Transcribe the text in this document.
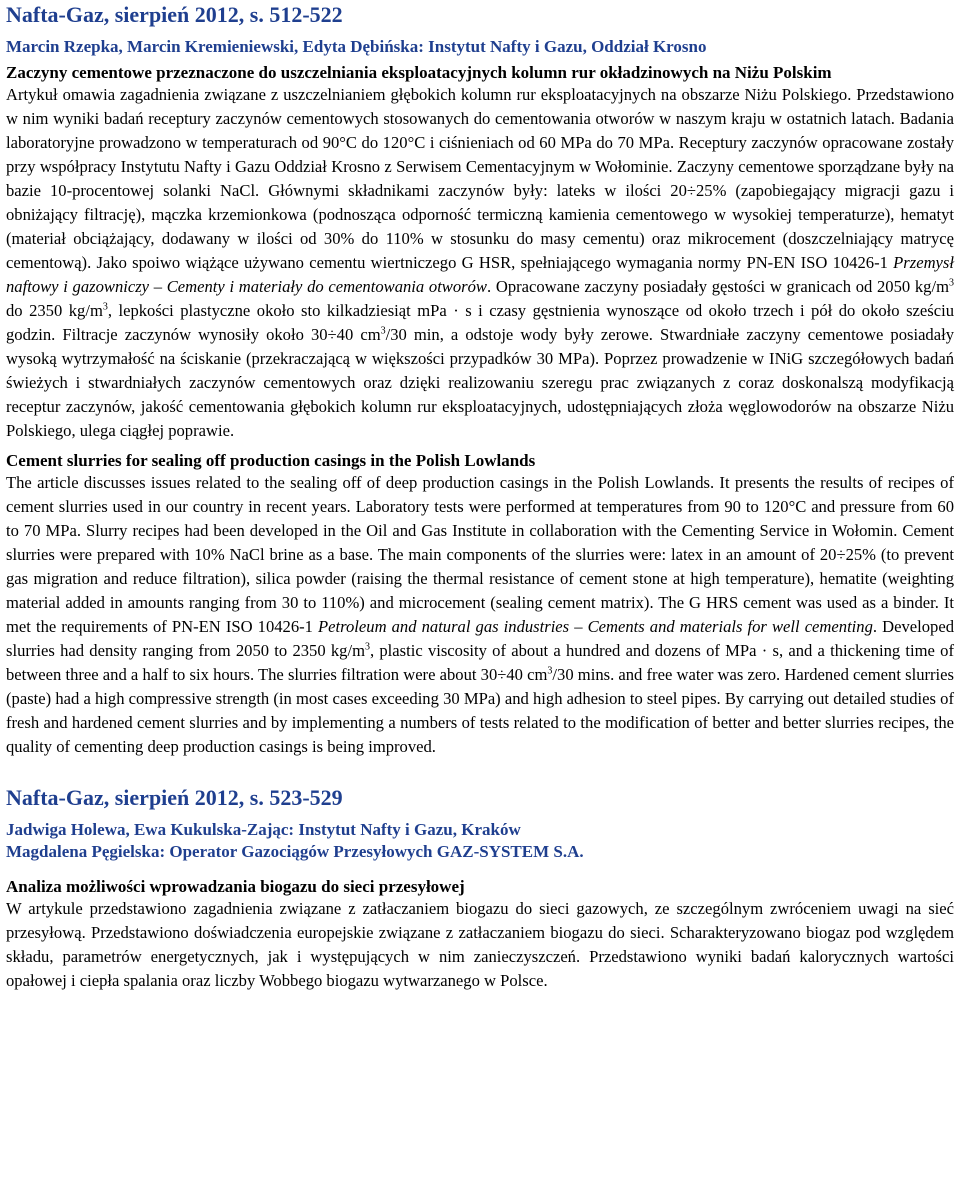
Nafta-Gaz, sierpień 2012, s. 512-522

Marcin Rzepka, Marcin Kremieniewski, Edyta Dębińska: Instytut Nafty i Gazu, Oddział Krosno

Zaczyny cementowe przeznaczone do uszczelniania eksploatacyjnych kolumn rur okładzinowych na Niżu Polskim

Artykuł omawia zagadnienia związane z uszczelnianiem głębokich kolumn rur eksploatacyjnych na obszarze Niżu Polskiego. Przedstawiono w nim wyniki badań receptury zaczynów cementowych stosowanych do cementowania otworów w naszym kraju w ostatnich latach. Badania laboratoryjne prowadzono w temperaturach od 90°C do 120°C i ciśnieniach od 60 MPa do 70 MPa. Receptury zaczynów opracowane zostały przy współpracy Instytutu Nafty i Gazu Oddział Krosno z Serwisem Cementacyjnym w Wołominie. Zaczyny cementowe sporządzane były na bazie 10-procentowej solanki NaCl. Głównymi składnikami zaczynów były: lateks w ilości 20÷25% (zapobiegający migracji gazu i obniżający filtrację), mączka krzemionkowa (podnosząca odporność termiczną kamienia cementowego w wysokiej temperaturze), hematyt (materiał obciążający, dodawany w ilości od 30% do 110% w stosunku do masy cementu) oraz mikrocement (doszczelniający matrycę cementową). Jako spoiwo wiążące używano cementu wiertniczego G HSR, spełniającego wymagania normy PN-EN ISO 10426-1 Przemysł naftowy i gazowniczy – Cementy i materiały do cementowania otworów. Opracowane zaczyny posiadały gęstości w granicach od 2050 $kg/m^3$ do 2350 $kg/m^3$, lepkości plastyczne około sto kilkadziesiąt mPa · s i czasy gęstnienia wynoszące od około trzech i pół do około sześciu godzin. Filtracje zaczynów wynosiły około 30÷40 $cm^3/30$ min, a odstoje wody były zerowe. Stwardniałe zaczyny cementowe posiadały wysoką wytrzymałość na ściskanie (przekraczającą w większości przypadków 30 MPa). Poprzez prowadzenie w INiG szczegółowych badań świeżych i stwardniałych zaczynów cementowych oraz dzięki realizowaniu szeregu prac związanych z coraz doskonalszą modyfikacją receptur zaczynów, jakość cementowania głębokich kolumn rur eksploatacyjnych, udostępniających złoża węglowodorów na obszarze Niżu Polskiego, ulega ciągłej poprawie.

Cement slurries for sealing off production casings in the Polish Lowlands

The article discusses issues related to the sealing off of deep production casings in the Polish Lowlands. It presents the results of recipes of cement slurries used in our country in recent years. Laboratory tests were performed at temperatures from 90 to 120°C and pressure from 60 to 70 MPa. Slurry recipes had been developed in the Oil and Gas Institute in collaboration with the Cementing Service in Wołomin. Cement slurries were prepared with 10% NaCl brine as a base. The main components of the slurries were: latex in an amount of 20÷25% (to prevent gas migration and reduce filtration), silica powder (raising the thermal resistance of cement stone at high temperature), hematite (weighting material added in amounts ranging from 30 to 110%) and microcement (sealing cement matrix). The G HRS cement was used as a binder. It met the requirements of PN-EN ISO 10426-1 Petroleum and natural gas industries – Cements and materials for well cementing. Developed slurries had density ranging from 2050 to 2350 $kg/m^3$, plastic viscosity of about a hundred and dozens of MPa · s, and a thickening time of between three and a half to six hours. The slurries filtration were about 30÷40 $cm^3/30$ mins. and free water was zero. Hardened cement slurries (paste) had a high compressive strength (in most cases exceeding 30 MPa) and high adhesion to steel pipes. By carrying out detailed studies of fresh and hardened cement slurries and by implementing a numbers of tests related to the modification of better and better slurries recipes, the quality of cementing deep production casings is being improved.

Nafta-Gaz, sierpień 2012, s. 523-529

Jadwiga Holewa, Ewa Kukulska-Zając: Instytut Nafty i Gazu, Kraków

Magdalena Pęgielska: Operator Gazociągów Przesyłowych GAZ-SYSTEM S.A.

Analiza możliwości wprowadzania biogazu do sieci przesyłowej

W artykule przedstawiono zagadnienia związane z zatłaczaniem biogazu do sieci gazowych, ze szczególnym zwróceniem uwagi na sieć przesyłową. Przedstawiono doświadczenia europejskie związane z zatłaczaniem biogazu do sieci. Scharakteryzowano biogaz pod względem składu, parametrów energetycznych, jak i występujących w nim zanieczyszczeń. Przedstawiono wyniki badań kalorycznych wartości opałowej i ciepła spalania oraz liczby Wobbego biogazu wytwarzanego w Polsce.
